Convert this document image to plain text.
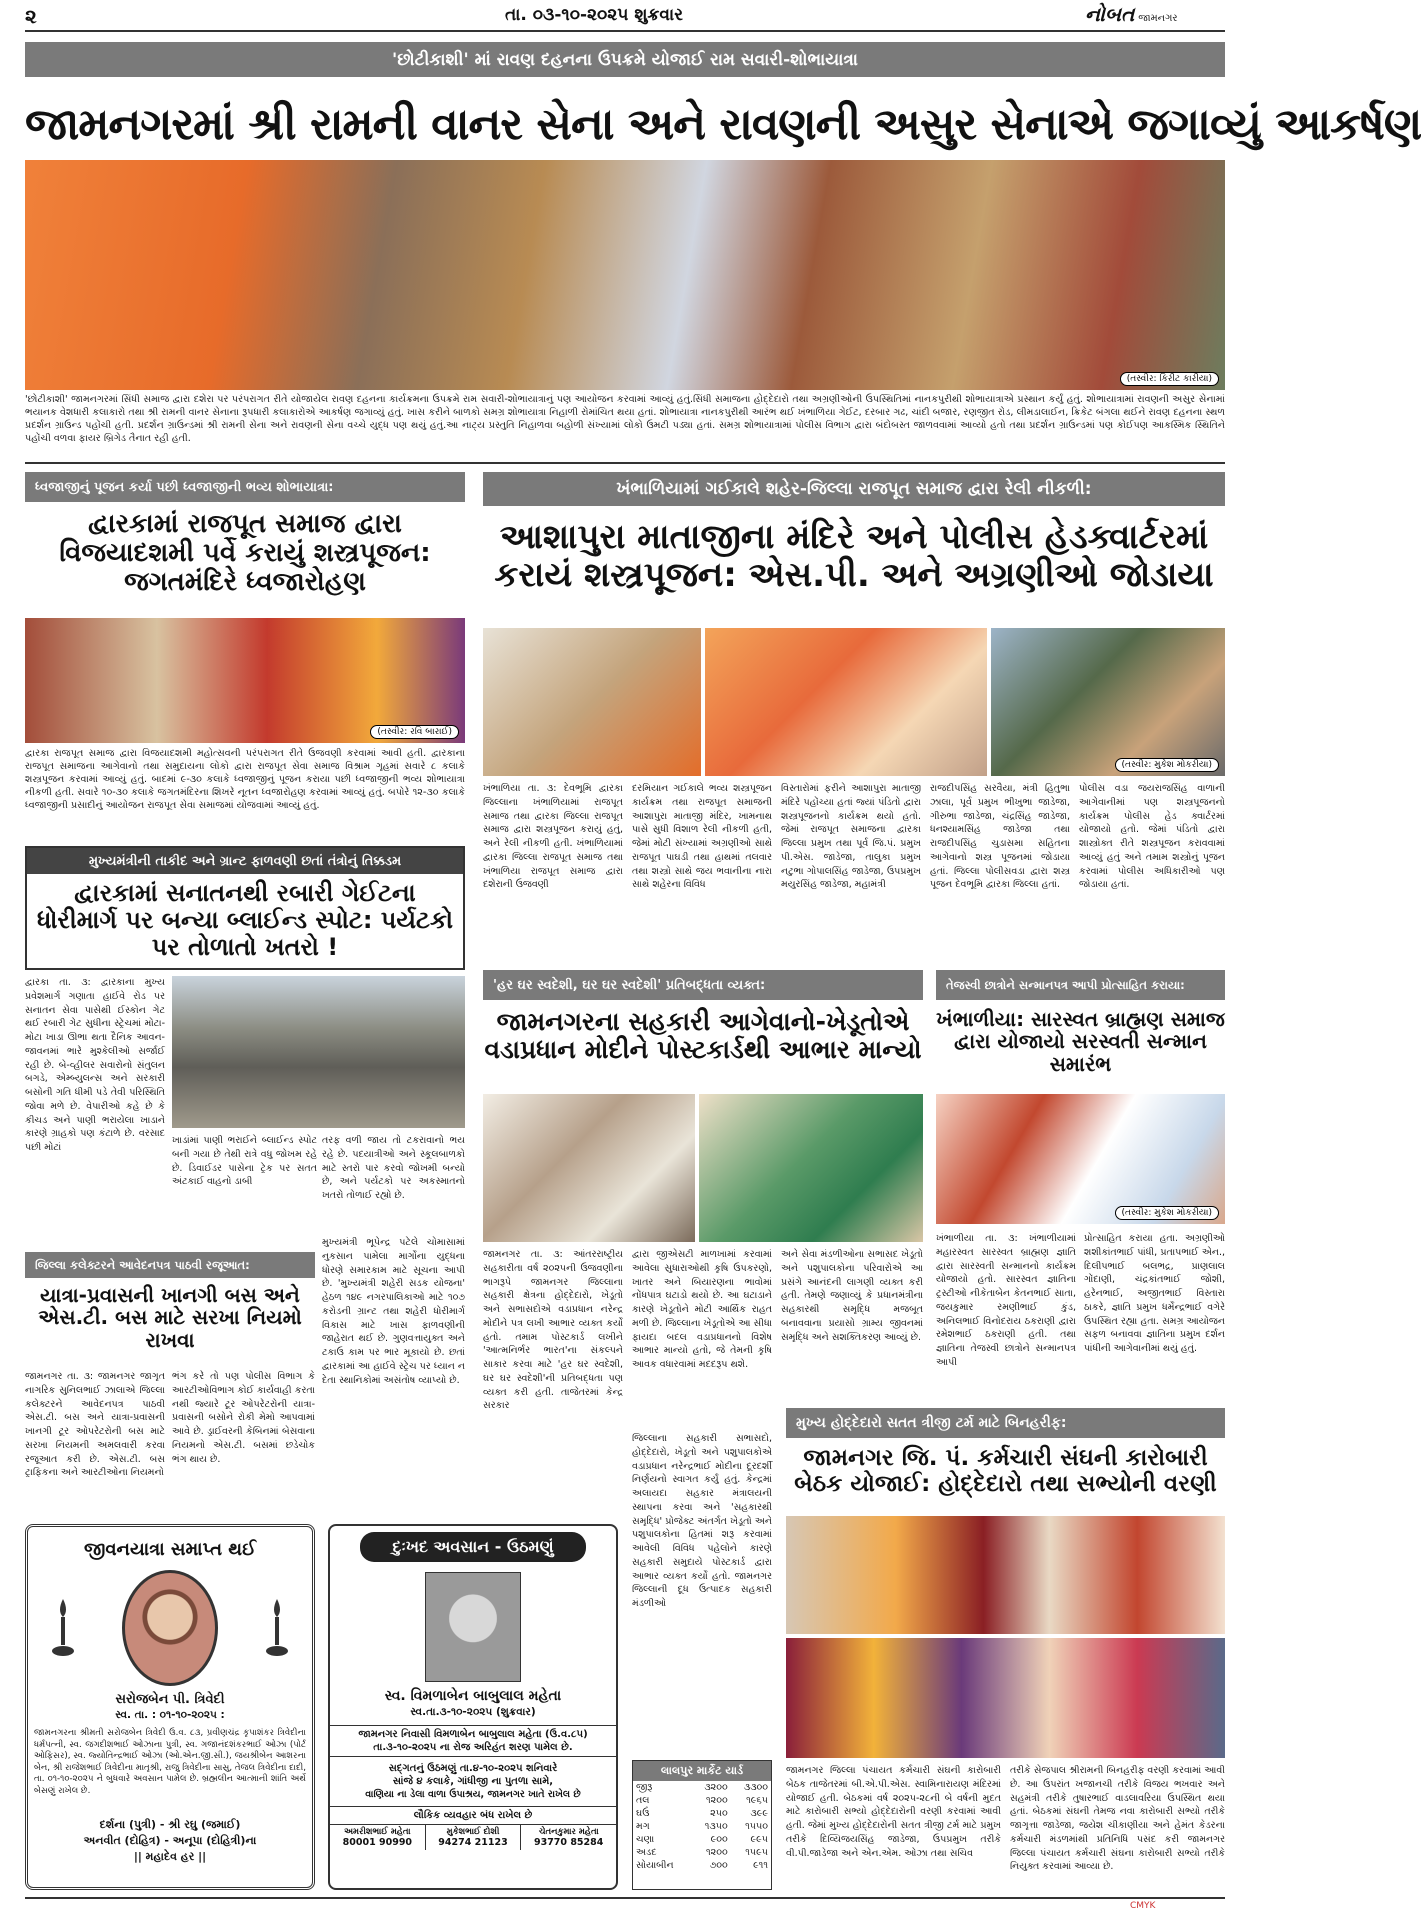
૨	તા. ૦૩-૧૦-૨૦૨૫ શુક્રવાર	નોબત જામનગર
'છોટીકાશી' માં રાવણ દહનના ઉપક્રમે યોજાઈ રામ સવારી-શોભાયાત્રા
જામનગરમાં શ્રી રામની વાનર સેના અને રાવણની અસુર સેનાએ જગાવ્યું આકર્ષણ
(તસ્વીર: કિરીટ કારીયા)
'છોટીકાશી' જામનગરમાં સિંધી સમાજ દ્વારા દશેરા પર પરંપરાગત રીતે યોજાયેલ રાવણ દહનના કાર્યક્રમના ઉપક્રમે રામ સવારી-શોભાયાત્રાનું પણ આયોજન કરવામાં આવ્યું હતું.સિંધી સમાજના હોદ્દેદારો તથા અગ્રણીઓની ઉપસ્થિતિમાં નાનકપુરીથી શોભાયાત્રાએ પ્રસ્થાન કર્યું હતું. શોભાયાત્રામાં રાવણની અસુર સેનામાં ભયાનક વેશધારી કલાકારો તથા શ્રી રામની વાનર સેનાના રૂપધારી કલાકારોએ આકર્ષણ જગાવ્યું હતું. ખાસ કરીને બાળકો સમગ્ર શોભાયાત્રા નિહાળી રોમાંચિત થયા હતાં. શોભાયાત્રા નાનકપુરીથી આરંભ થઈ ખંભાળિયા ગેઈટ, દરબાર ગઢ, ચાંદી બજાર, રણજીત રોડ, લીમડાલાઈન, ક્રિકેટ બંગલા થઈને રાવણ દહનના સ્થળ પ્રદર્શન ગ્રાઉન્ડ પહોંચી હતી. પ્રદર્શન ગ્રાઉન્ડમાં શ્રી રામની સેના અને રાવણની સેના વચ્ચે યુદ્ધ પણ થયું હતું.આ નાટ્ય પ્રસ્તુતિ નિહાળવા બહોળી સંખ્યામાં લોકો ઉમટી પડ્યા હતાં. સમગ્ર શોભાયાત્રામાં પોલીસ વિભાગ દ્વારા બંદોબસ્ત જાળવવામાં આવ્યો હતો તથા પ્રદર્શન ગ્રાઉન્ડમાં પણ કોઈપણ આકસ્મિક સ્થિતિને પહોંચી વળવા ફાયર બ્રિગેડ તૈનાત રહી હતી.
ધ્વજાજીનું પૂજન કર્યા પછી ધ્વજાજીની ભવ્ય શોભાયાત્રા:
દ્વારકામાં રાજપૂત સમાજ દ્વારા વિજયાદશમી પર્વે કરાયું શસ્ત્રપૂજન: જગતમંદિરે ધ્વજારોહણ
(તસ્વીર: રવિ બારાઈ)
દ્વારકા રાજપૂત સમાજ દ્વારા વિજયાદશમી મહોત્સવની પરંપરાગત રીતે ઉજવણી કરવામાં આવી હતી. દ્વારકાના રાજપૂત સમાજના આગેવાનો તથા સમુદાયના લોકો દ્વારા રાજપૂત સેવા સમાજ વિશ્રામ ગૃહમાં સવારે ૮ કલાકે શસ્ત્રપૂજન કરવામાં આવ્યું હતું. બાદમાં ૯-૩૦ કલાકે ધ્વજાજીનું પૂજન કરાયા પછી ધ્વજાજીની ભવ્ય શોભાયાત્રા નીકળી હતી. સવારે ૧૦-૩૦ કલાકે જગતમંદિરના શિખરે નૂતન ધ્વજારોહણ કરવામાં આવ્યું હતું. બપોરે ૧૨-૩૦ કલાકે ધ્વજાજીની પ્રસાદીનું આયોજન રાજપૂત સેવા સમાજમાં યોજવામાં આવ્યું હતું.
ખંભાળિયામાં ગઈકાલે શહેર-જિલ્લા રાજપૂત સમાજ દ્વારા રેલી નીકળી:
આશાપુરા માતાજીના મંદિરે અને પોલીસ હેડક્વાર્ટરમાં કરાયં શસ્ત્રપૂજન: એસ.પી. અને અગ્રણીઓ જોડાયા
(તસ્વીર: મુકેશ મોકરીયા)
ખંભાળિયા તા. ૩: દેવભૂમિ દ્વારકા જિલ્લાના ખંભાળિયામાં રાજપૂત સમાજ તથા દ્વારકા જિલ્લા રાજપૂત સમાજ દ્વારા શસ્ત્રપૂજન કરાયું હતું, અને રેલી નીકળી હતી. ખંભાળિયામાં દ્વારકા જિલ્લા રાજપૂત સમાજ તથા ખંભાળિયા રાજપૂત સમાજ દ્વારા દશેરાની ઉજવણી
દરમિયાન ગઈકાલે ભવ્ય શસ્ત્રપૂજન કાર્યક્રમ તથા રાજપૂત સમાજની આશાપુરા માતાજી મંદિર, ખામનાથ પાસે સુધી વિશાળ રેલી નીકળી હતી, જેમાં મોટી સંખ્યામાં અગ્રણીઓ સાથે રાજપૂત પાઘડી તથા હાથમાં તલવાર તથા શસ્ત્રો સાથે જય ભવાનીના નારા સાથે શહેરના વિવિધ
વિસ્તારોમાં ફરીને આશાપુરા માતાજી મંદિરે પહોંચ્યા હતાં જ્યાં પંડિતો દ્વારા શસ્ત્રપૂજનનો કાર્યક્રમ થયો હતો. જેમાં રાજપૂત સમાજના દ્વારકા જિલ્લા પ્રમુખ તથા પૂર્વ જિ.પં. પ્રમુખ પી.એસ. જાડેજા, તાલુકા પ્રમુખ નટુભા ગોપાલસિંહ જાડેજા, ઉપપ્રમુખ મયુરસિંહ જાડેજા, મહામંત્રી
રાજદીપસિંહ સરવૈયા, મંત્રી હિતુભા ઝાલા, પૂર્વ પ્રમુખ ભીખુભા જાડેજા, ગીરુભા જાડેજા, ચંદ્રસિંહ જાડેજા, ધનશ્યામસિંહ જાડેજા તથા રાજદીપસિંહ ચુડાસમા સહિતના આગેવાનો શસ્ત્ર પૂજનમાં જોડાયા હતાં. જિલ્લા પોલીસવડા દ્વારા શસ્ત્ર પૂજન દેવભૂમિ દ્વારકા જિલ્લા હતાં.
પોલીસ વડા જયરાજસિંહ વાળાની આગેવાનીમાં પણ શસ્ત્રપૂજનનો કાર્યક્રમ પોલીસ હેડ ક્વાર્ટરમાં યોજાયો હતો. જેમાં પંડિતો દ્વારા શાસ્ત્રોક્ત રીતે શસ્ત્રપૂજન કરાવવામાં આવ્યું હતું અને તમામ શસ્ત્રોનું પૂજન કરવામાં પોલીસ અધિકારીઓ પણ જોડાયા હતાં.
મુખ્યમંત્રીની તાકીદ અને ગ્રાન્ટ ફાળવણી છતાં તંત્રોનું તિક્કડમ
દ્વારકામાં સનાતનથી રબારી ગેઈટના ધોરીમાર્ગ પર બન્યા બ્લાઈન્ડ સ્પોટ: પર્યટકો પર તોળાતો ખતરો !
દ્વારકા તા. ૩: દ્વારકાના મુખ્ય પ્રવેશમાર્ગ ગણાતા હાઈવે રોડ પર સનાતન સેવા પાસેથી ઈસ્કોન ગેટ થઈ રબારી ગેટ સુધીના સ્ટ્રેચમાં મોટા-મોટા ખાડા ઊભા થતા દૈનિક આવન-જાવનમાં ભારે મુશ્કેલીઓ સર્જાઈ રહી છે. બે-વ્હીલર સવારોનો સંતુલન બગડે, એમ્બ્યુલન્સ અને સરકારી બસોની ગતિ ધીમી પડે તેવી પરિસ્થિતિ જોવા મળે છે. વેપારીઓ કહે છે કે કીચડ અને પાણી ભરાયેલા ખાડાને કારણે ગ્રાહકો પણ કંટાળે છે. વરસાદ પછી મોટાં
ખાડાંમાં પાણી ભરાઈને બ્લાઈન્ડ સ્પોટ બની ગયા છે તેથી રાત્રે વધુ જોખમ રહે છે. ડિવાઈડર પાસેના ટ્રેક પર સતત અંટકાઈ વાહનો ડાબી
તરફ વળી જાય તો ટકરાવાનો ભય રહે છે. પદયાત્રીઓ અને સ્કૂલબાળકો માટે સ્તરો પાર કરવો જોખમી બન્યો છે, અને પર્યટકો પર અકસ્માતનો ખતરો તોળાઈ રહ્યો છે.
જિલ્લા કલેક્ટરને આવેદનપત્ર પાઠવી રજૂઆત:
યાત્રા-પ્રવાસની ખાનગી બસ અને એસ.ટી. બસ માટે સરખા નિયમો રાખવા
જામનગર તા. ૩: જામનગર જાગૃત નાગરિક સુનિલભાઈ ઝાલાએ જિલ્લા કલેક્ટરને આવેદનપત્ર પાઠવી એસ.ટી. બસ અને યાત્રા-પ્રવાસની ખાનગી ટૂર ઓપરેટરોની બસ માટે સરખા નિયમની અમલવારી કરવા રજૂઆત કરી છે. એસ.ટી. બસ ટ્રાફિકના અને આરટીઓના નિયમનો
ભંગ કરે તો પણ પોલીસ વિભાગ કે આરટીઓવિભાગ કોઈ કાર્યવાહી કરતા નથી જ્યારે ટૂર ઓપરેટરોની યાત્રા-પ્રવાસની બસોને રોકી મેમો આપવામાં આવે છે. ડ્રાઈવરની કેબિનમાં બેસવાના નિયમનો એસ.ટી. બસમાં છડેચોક ભંગ થાય છે.
મુખ્યમંત્રી ભૂપેન્દ્ર પટેલે ચોમાસામાં નુકસાન પામેલા માર્ગોના યુદ્ધના ધોરણે સમારકામ માટે સૂચના આપી છે. 'મુખ્યમંત્રી શહેરી સડક યોજના' હેઠળ ૧૪૯ નગરપાલિકાઓ માટે ૧૦૭ કરોડની ગ્રાન્ટ તથા શહેરી ધોરીમાર્ગ વિકાસ માટે ખાસ ફાળવણીની જાહેરાત થઈ છે. ગુણવત્તાયુક્ત અને ટકાઉ કામ પર ભાર મૂકાયો છે. છતાં દ્વારકામાં આ હાઈવે સ્ટ્રેચ પર ધ્યાન ન દેતા સ્થાનિકોમાં અસંતોષ વ્યાપ્યો છે.
'હર ઘર સ્વદેશી, ઘર ઘર સ્વદેશી' પ્રતિબદ્ધતા વ્યક્ત:
જામનગરના સહકારી આગેવાનો-ખેડૂતોએ વડાપ્રધાન મોદીને પોસ્ટકાર્ડથી આભાર માન્યો
જામનગર તા. ૩: આંતરરાષ્ટ્રીય સહકારીતા વર્ષ ૨૦૨૫ની ઉજવણીના ભાગરૂપે જામનગર જિલ્લાના સહકારી ક્ષેત્રના હોદ્દેદારો, ખેડૂતો અને સભાસદોએ વડાપ્રધાન નરેન્દ્ર મોદીને પત્ર લખી આભાર વ્યક્ત કર્યો હતો. તમામ પોસ્ટકાર્ડ લખીને 'આત્મનિર્ભર ભારત'ના સંકલ્પને સાકાર કરવા માટે 'હર ઘર સ્વદેશી, ઘર ઘર સ્વદેશી'ની પ્રતિબદ્ધતા પણ વ્યક્ત કરી હતી. તાજેતરમાં કેન્દ્ર સરકાર
દ્વારા જીએસટી માળખામાં કરવામાં આવેલા સુધારાઓથી કૃષિ ઉપકરણો, ખાતર અને બિયારણના ભાવોમાં નોંધપાત્ર ઘટાડો થયો છે. આ ઘટાડાને કારણે ખેડૂતોને મોટી આર્થિક રાહત મળી છે. જિલ્લાના ખેડૂતોએ આ સીધા ફાયદા બદલ વડાપ્રધાનનો વિશેષ આભાર માન્યો હતો, જે તેમની કૃષિ આવક વધારવામાં મદદરૂપ થશે.
અને સેવા મંડળીઓના સભાસદ ખેડૂતો અને પશુપાલકોના પરિવારોએ આ પ્રસંગે આનંદની લાગણી વ્યક્ત કરી હતી. તેમણે જણાવ્યું કે પ્રધાનમંત્રીના સહકારથી સમૃદ્ધિ મજબૂત બનાવવાના પ્રયાસો ગ્રામ્ય જીવનમાં સમૃદ્ધિ અને સશક્તિકરણ આવ્યું છે.
જિલ્લાના સહકારી સભાસદો, હોદ્દેદારો, ખેડૂતો અને પશુપાલકોએ વડાપ્રધાન નરેન્દ્રભાઈ મોદીના દૂરદર્શી નિર્ણયનો સ્વાગત કર્યું હતું. કેન્દ્રમાં અલાયદા સહકાર મંત્રાલયની સ્થાપના કરવા અને 'સહકારથી સમૃદ્ધિ' પ્રોજેક્ટ અંતર્ગત ખેડૂતો અને પશુપાલકોના હિતમાં શરૂ કરવામાં આવેલી વિવિધ પહેલોને કારણે સહકારી સમુદાયે પોસ્ટકાર્ડ દ્વારા આભાર વ્યક્ત કર્યો હતો. જામનગર જિલ્લાની દૂધ ઉત્પાદક સહકારી મંડળીઓ
તેજસ્વી છાત્રોને સન્માનપત્ર આપી પ્રોત્સાહિત કરાયા:
ખંભાળીયા: સારસ્વત બ્રાહ્મણ સમાજ દ્વારા યોજાયો સરસ્વતી સન્માન સમારંભ
(તસ્વીર: મુકેશ મોકરીયા)
ખંભાળીયા તા. ૩: ખંભાળીયામાં મહારસ્વત સારસ્વત બ્રાહ્મણ જ્ઞાતિ દ્વારા સારસ્વતી સન્માનનો કાર્યક્રમ યોજાયો હતો. સારસ્વત જ્ઞાતિના ટ્રસ્ટીઓ નીકેતાબેન કેતનભાઈ સાતા, જયકુમાર રમણીભાઈ કુંડ, અનિલભાઈ વિનોદરાય ઠકરાણી દ્વારા રમેશભાઈ ઠકરાણી હતી. તથા જ્ઞાતિના તેજસ્વી છાત્રોને સન્માનપત્ર આપી
પ્રોત્સાહિત કરાયા હતા. અગ્રણીઓ શશીકાંતભાઈ પાંધી, પ્રતાપભાઈ એન., દિલીપભાઈ બલભદ્ર, પ્રાણલાલ ગોંદાણી, ચંદ્રકાંતભાઈ જોશી, હરેનભાઈ, અજીતભાઈ વિસ્તારા ઠાકરે, જ્ઞાતિ પ્રમુખ ધર્મેન્દ્રભાઈ વગેરે ઉપસ્થિત રહ્યા હતા. સમગ્ર આયોજન સફળ બનાવવા જ્ઞાતિના પ્રમુખ દર્શન પાંધીની આગેવાનીમાં થયું હતું.
મુખ્ય હોદ્દેદારો સતત ત્રીજી ટર્મ માટે બિનહરીફ:
જામનગર જિ. પં. કર્મચારી સંઘની કારોબારી બેઠક યોજાઈ: હોદ્દેદારો તથા સભ્યોની વરણી
જામનગર જિલ્લા પંચાયત કર્મચારી સંઘની કારોબારી બેઠક તાજેતરમાં બી.એ.પી.એસ. સ્વામિનારાયણ મંદિરમાં યોજાઈ હતી. બેઠકમાં વર્ષ ૨૦૨૫-૨૮ની બે વર્ષની મુદત માટે કારોબારી સભ્યો હોદ્દેદારોની વરણી કરવામાં આવી હતી. જેમાં મુખ્ય હોદ્દેદારોની સતત ત્રીજી ટર્મ માટે પ્રમુખ તરીકે દિવ્યિજયસિંહ જાડેજા, ઉપપ્રમુખ તરીકે વી.પી.જાડેજા અને એન.એમ. ઓઝા તથા સચિવ
તરીકે સેજપાલ શ્રીરામની બિનહરીફ વરણી કરવામાં આવી છે. આ ઉપરાંત ખજાનચી તરીકે વિજય ભખવાર અને સહમંત્રી તરીકે તુષારભાઈ વાડલાવરિયા ઉપસ્થિત થયા હતાં. બેઠકમાં સંઘની તેમજ નવા કારોબારી સભ્યો તરીકે જાગૃત્તા જાડેજા, જયેશ ચીકાણીયા અને હેમંત કેડરના કર્મચારી મંડળમાંથી પ્રતિનિધિ પસંદ કરી જામનગર જિલ્લા પંચાયત કર્મચારી સંઘના કારોબારી સભ્યો તરીકે નિયુક્ત કરવામાં આવ્યા છે.
જીવનયાત્રા સમાપ્ત થઈ
સરોજબેન પી. ત્રિવેદી
સ્વ. તા. : ૦૧-૧૦-૨૦૨૫ :
જામનગરના શ્રીમતી સરોજબેન ત્રિવેદી ઉ.વ. ૮૩, પ્રવીણચંદ્ર કૃપાશંકર ત્રિવેદીના ધર્મપત્ની, સ્વ. જગદીશભાઈ ઓઝાના પુત્રી, સ્વ. ગજાનંદશંકરભાઈ ઓઝા (પોર્ટ ઓફિસર), સ્વ. જ્યોતિન્દ્રભાઈ ઓઝા (ઓ.એન.જી.સી.), જયશ્રીબેન આશરના બેન, શ્રી રાજેશભાઈ ત્રિવેદીના માતૃશ્રી, રાજુ ત્રિવેદીના સાસુ, તેજલ ત્રિવેદીના દાદી, તા. ૦૧-૧૦-૨૦૨૫ ને બુધવારે અવસાન પામેલ છે. બ્રહ્મલીન આત્માની શાંતિ અર્થે બેસણું રાખેલ છે.
દર્શના (પુત્રી) - શ્રી રઘુ (જમાઈ)
અનવીત (દોહિત્ર) - અનૂપા (દોહિત્રી)ના
|| મહાદેવ હર ||
દુઃખદ અવસાન - ઉઠમણું
સ્વ. વિમળાબેન બાબુલાલ મહેતા
સ્વ.તા.૩-૧૦-૨૦૨૫ (શુક્રવાર)
જામનગર નિવાસી વિમળાબેન બાબુલાલ મહેતા (ઉ.વ.૮૫)
તા.૩-૧૦-૨૦૨૫ ના રોજ અરિહંત શરણ પામેલ છે.
સદ્ગતનું ઉઠમણું તા.૪-૧૦-૨૦૨૫ શનિવારે
સાંજે ૪ કલાકે, ગાંધીજી ના પુતળા સામે,
વાણિયા ના ડેલા વાળા ઉપાશ્રય, જામનગર ખાતે રાખેલ છે
લૌકિક વ્યવહાર બંધ રાખેલ છે
અમરીશભાઈ મહેતા
80001 90990
મુકેશભાઈ દોશી
94274 21123
ચેતનકુમાર મહેતા
93770 85284
લાલપુર માર્કેટ યાર્ડ
જીરૂ	૩૨૦૦	૩૩૦૦
તલ	૧૨૦૦	૧૯૬૫
ઘઉં	૨૫૦	૩૯૯
મગ	૧૩૫૦	૧૫૫૦
ચણા	૯૦૦	૯૯૫
અડદ	૧૨૦૦	૧૫૯૫
સોયાબીન	૭૦૦	૯૧૧
CMYK
